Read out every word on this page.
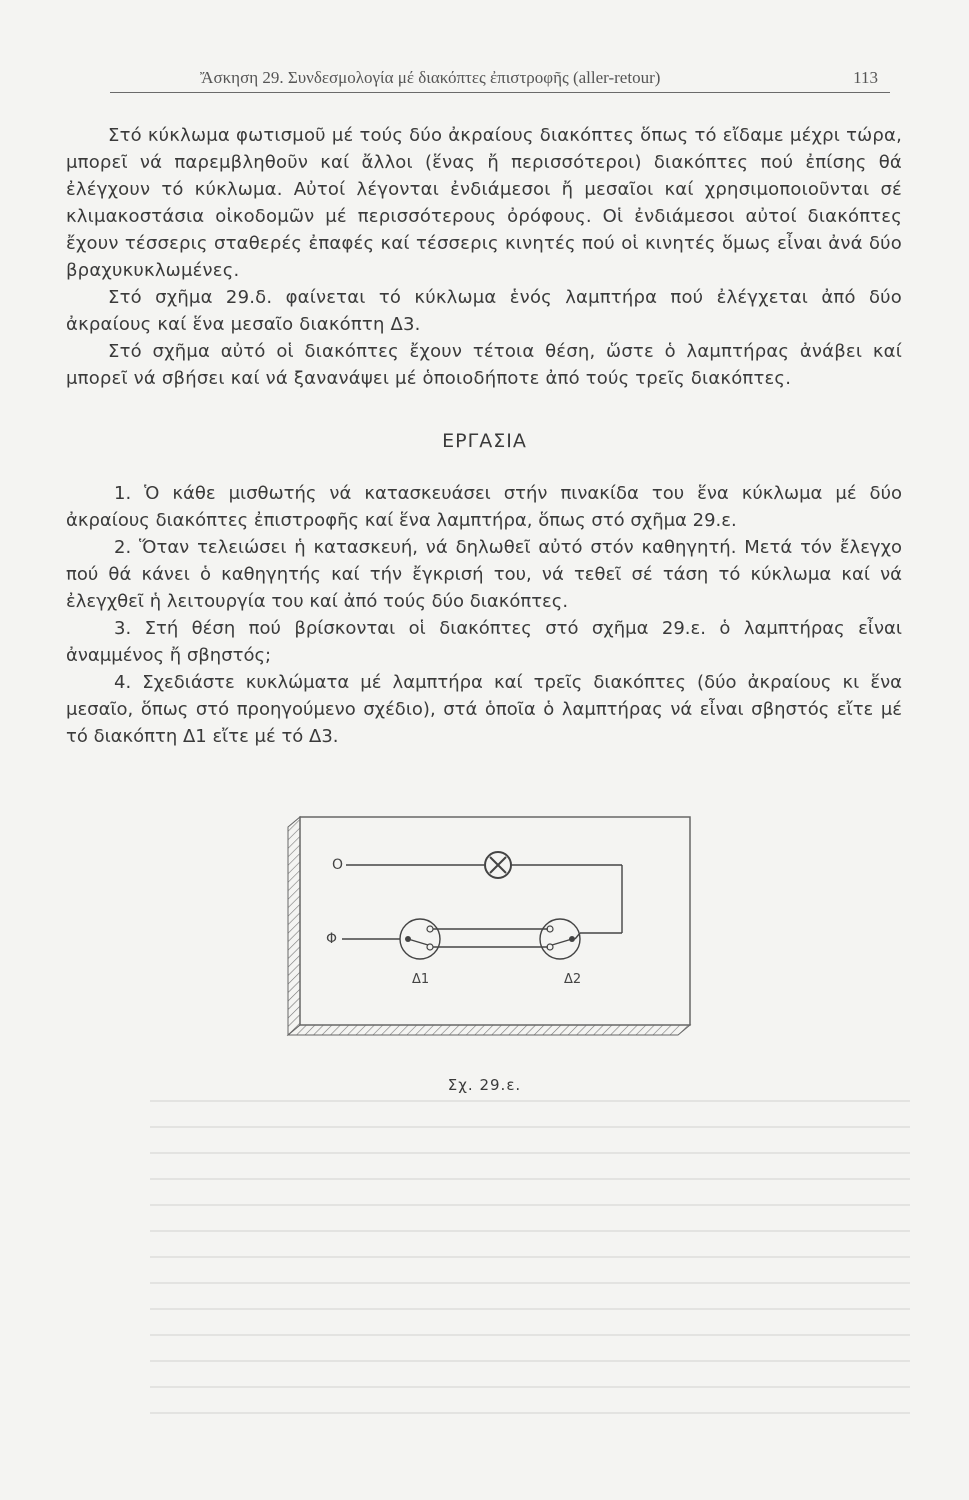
Ἄσκηση 29. Συνδεσμολογία μέ διακόπτες ἐπιστροφῆς (aller-retour)	113

Στό κύκλωμα φωτισμοῦ μέ τούς δύο ἀκραίους διακόπτες ὅπως τό εἴδαμε μέχρι τώρα, μπορεῖ νά παρεμβληθοῦν καί ἄλλοι (ἕνας ἤ περισσότεροι) διακόπτες πού ἐπίσης θά ἐλέγχουν τό κύκλωμα. Αὐτοί λέγονται ἐνδιάμεσοι ἤ μεσαῖοι καί χρησιμοποιοῦνται σέ κλιμακοστάσια οἰκοδομῶν μέ περισσότερους ὀρόφους. Οἱ ἐνδιάμεσοι αὐτοί διακόπτες ἔχουν τέσσερις σταθερές ἐπαφές καί τέσσερις κινητές πού οἱ κινητές ὅμως εἶναι ἀνά δύο βραχυκυκλωμένες.

Στό σχῆμα 29.δ. φαίνεται τό κύκλωμα ἑνός λαμπτήρα πού ἐλέγχεται ἀπό δύο ἀκραίους καί ἕνα μεσαῖο διακόπτη Δ3.

Στό σχῆμα αὐτό οἱ διακόπτες ἔχουν τέτοια θέση, ὥστε ὁ λαμπτήρας ἀνάβει καί μπορεῖ νά σβήσει καί νά ξανανάψει μέ ὁποιοδήποτε ἀπό τούς τρεῖς διακόπτες.

ΕΡΓΑΣΙΑ

1. Ὁ κάθε μισθωτής νά κατασκευάσει στήν πινακίδα του ἕνα κύκλωμα μέ δύο ἀκραίους διακόπτες ἐπιστροφῆς καί ἕνα λαμπτήρα, ὅπως στό σχῆμα 29.ε.

2. Ὅταν τελειώσει ἡ κατασκευή, νά δηλωθεῖ αὐτό στόν καθηγητή. Μετά τόν ἔλεγχο πού θά κάνει ὁ καθηγητής καί τήν ἔγκρισή του, νά τεθεῖ σέ τάση τό κύκλωμα καί νά ἐλεγχθεῖ ἡ λειτουργία του καί ἀπό τούς δύο διακόπτες.

3. Στή θέση πού βρίσκονται οἱ διακόπτες στό σχῆμα 29.ε. ὁ λαμπτήρας εἶναι ἀναμμένος ἤ σβηστός;

4. Σχεδιάστε κυκλώματα μέ λαμπτήρα καί τρεῖς διακόπτες (δύο ἀκραίους κι ἕνα μεσαῖο, ὅπως στό προηγούμενο σχέδιο), στά ὁποῖα ὁ λαμπτήρας νά εἶναι σβηστός εἴτε μέ τό διακόπτη Δ1 εἴτε μέ τό Δ3.

O
Φ
Δ1	Δ2
Σχ. 29.ε.
